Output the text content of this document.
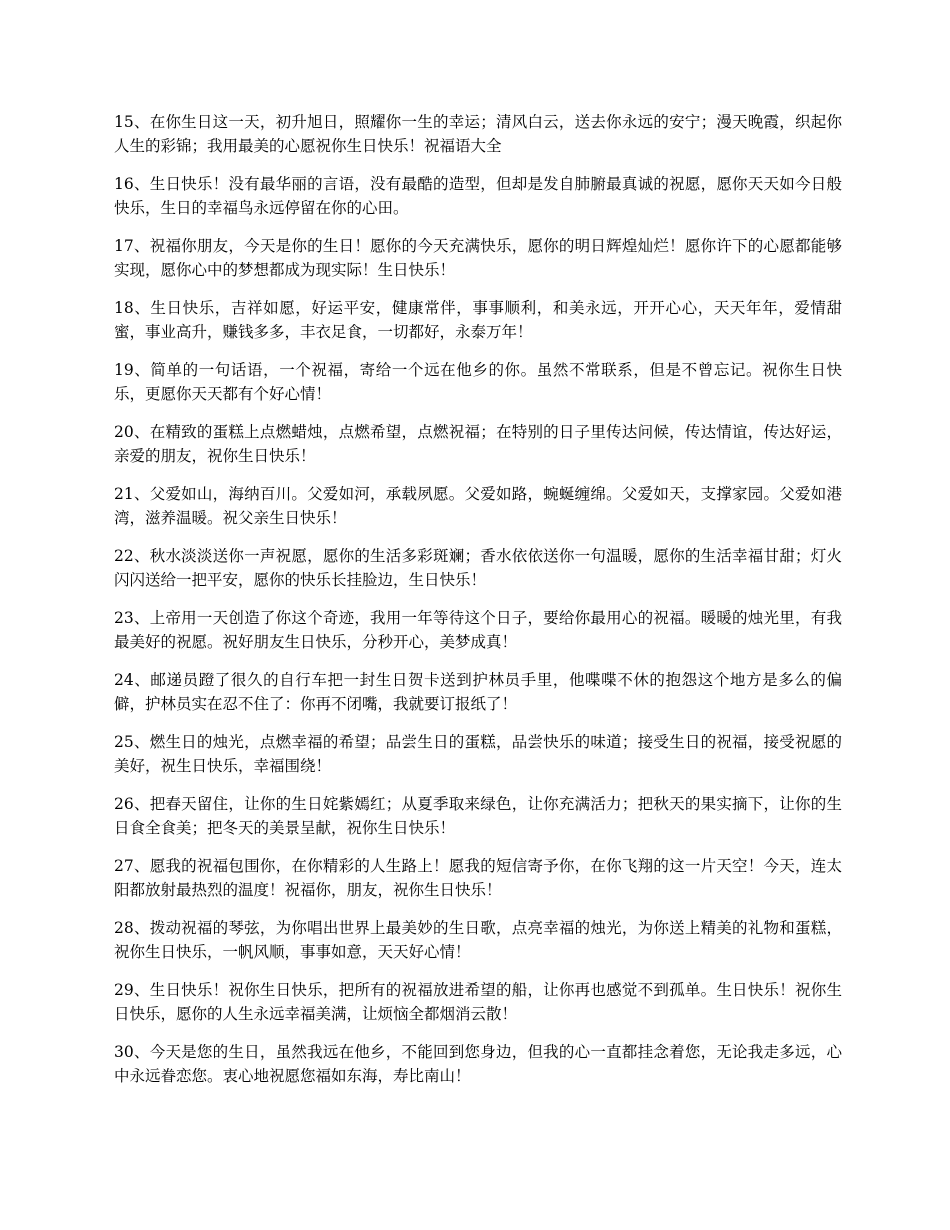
15、在你生日这一天，初升旭日，照耀你一生的幸运；清风白云，送去你永远的安宁；漫天晚霞，织起你人生的彩锦；我用最美的心愿祝你生日快乐！祝福语大全

16、生日快乐！没有最华丽的言语，没有最酷的造型，但却是发自肺腑最真诚的祝愿，愿你天天如今日般快乐，生日的幸福鸟永远停留在你的心田。

17、祝福你朋友，今天是你的生日！愿你的今天充满快乐，愿你的明日辉煌灿烂！愿你许下的心愿都能够实现，愿你心中的梦想都成为现实际！生日快乐！

18、生日快乐，吉祥如愿，好运平安，健康常伴，事事顺利，和美永远，开开心心，天天年年，爱情甜蜜，事业高升，赚钱多多，丰衣足食，一切都好，永泰万年！

19、简单的一句话语，一个祝福，寄给一个远在他乡的你。虽然不常联系，但是不曾忘记。祝你生日快乐，更愿你天天都有个好心情！

20、在精致的蛋糕上点燃蜡烛，点燃希望，点燃祝福；在特别的日子里传达问候，传达情谊，传达好运，亲爱的朋友，祝你生日快乐！

21、父爱如山，海纳百川。父爱如河，承载夙愿。父爱如路，蜿蜒缠绵。父爱如天，支撑家园。父爱如港湾，滋养温暖。祝父亲生日快乐！

22、秋水淡淡送你一声祝愿，愿你的生活多彩斑斓；香水依依送你一句温暖，愿你的生活幸福甘甜；灯火闪闪送给一把平安，愿你的快乐长挂脸边，生日快乐！

23、上帝用一天创造了你这个奇迹，我用一年等待这个日子，要给你最用心的祝福。暖暖的烛光里，有我最美好的祝愿。祝好朋友生日快乐，分秒开心，美梦成真！

24、邮递员蹬了很久的自行车把一封生日贺卡送到护林员手里，他喋喋不休的抱怨这个地方是多么的偏僻，护林员实在忍不住了：你再不闭嘴，我就要订报纸了！

25、燃生日的烛光，点燃幸福的希望；品尝生日的蛋糕，品尝快乐的味道；接受生日的祝福，接受祝愿的美好，祝生日快乐，幸福围绕！

26、把春天留住，让你的生日姹紫嫣红；从夏季取来绿色，让你充满活力；把秋天的果实摘下，让你的生日食全食美；把冬天的美景呈献，祝你生日快乐！

27、愿我的祝福包围你，在你精彩的人生路上！愿我的短信寄予你，在你飞翔的这一片天空！今天，连太阳都放射最热烈的温度！祝福你，朋友，祝你生日快乐！

28、拨动祝福的琴弦，为你唱出世界上最美妙的生日歌，点亮幸福的烛光，为你送上精美的礼物和蛋糕，祝你生日快乐，一帆风顺，事事如意，天天好心情！

29、生日快乐！祝你生日快乐，把所有的祝福放进希望的船，让你再也感觉不到孤单。生日快乐！祝你生日快乐，愿你的人生永远幸福美满，让烦恼全都烟消云散！

30、今天是您的生日，虽然我远在他乡，不能回到您身边，但我的心一直都挂念着您，无论我走多远，心中永远眷恋您。衷心地祝愿您福如东海，寿比南山！
